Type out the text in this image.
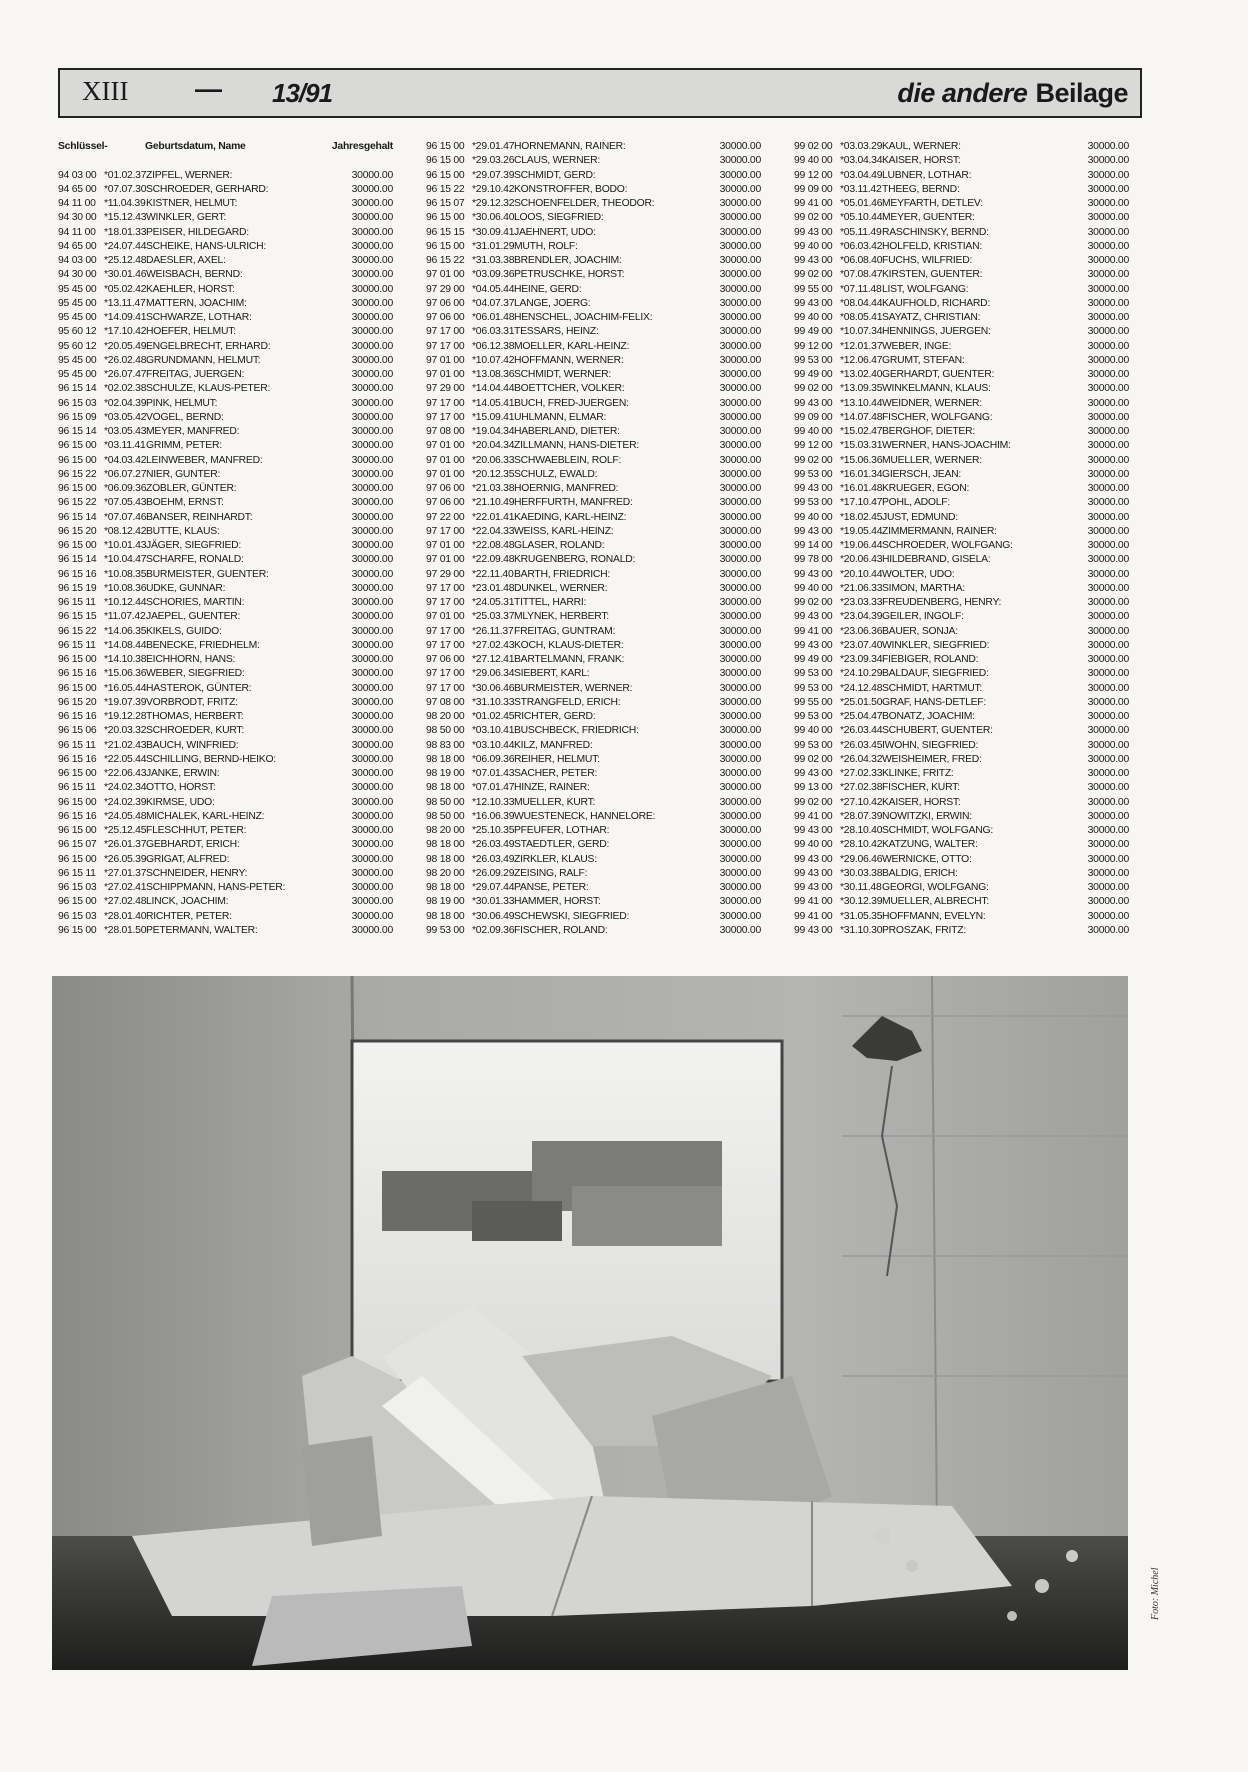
XIII — 13/91	die andere Beilage
Schlüssel-	Geburtsdatum, Name	Jahresgehalt
94 03 00 *01.02.37 ZIPFEL, WERNER:	30000.00
94 65 00 *07.07.30 SCHROEDER, GERHARD:	30000.00
94 11 00 *11.04.39 KISTNER, HELMUT:	30000.00
94 30 00 *15.12.43 WINKLER, GERT:	30000.00
94 11 00 *18.01.33 PEISER, HILDEGARD:	30000.00
94 65 00 *24.07.44 SCHEIKE, HANS-ULRICH:	30000.00
94 03 00 *25.12.48 DAESLER, AXEL:	30000.00
94 30 00 *30.01.46 WEISBACH, BERND:	30000.00
95 45 00 *05.02.42 KAEHLER, HORST:	30000.00
95 45 00 *13.11.47 MATTERN, JOACHIM:	30000.00
95 45 00 *14.09.41 SCHWARZE, LOTHAR:	30000.00
95 60 12 *17.10.42 HOEFER, HELMUT:	30000.00
95 60 12 *20.05.49 ENGELBRECHT, ERHARD:	30000.00
95 45 00 *26.02.48 GRUNDMANN, HELMUT:	30000.00
95 45 00 *26.07.47 FREITAG, JUERGEN:	30000.00
96 15 14 *02.02.38 SCHULZE, KLAUS-PETER:	30000.00
96 15 03 *02.04.39 PINK, HELMUT:	30000.00
96 15 09 *03.05.42 VOGEL, BERND:	30000.00
96 15 14 *03.05.43 MEYER, MANFRED:	30000.00
96 15 00 *03.11.41 GRIMM, PETER:	30000.00
96 15 00 *04.03.42 LEINWEBER, MANFRED:	30000.00
96 15 22 *06.07.27 NIER, GUNTER:	30000.00
96 15 00 *06.09.36 ZOBLER, GÜNTER:	30000.00
96 15 22 *07.05.43 BOEHM, ERNST:	30000.00
96 15 14 *07.07.46 BANSER, REINHARDT:	30000.00
96 15 20 *08.12.42 BUTTE, KLAUS:	30000.00
96 15 00 *10.01.43 JÄGER, SIEGFRIED:	30000.00
96 15 14 *10.04.47 SCHARFE, RONALD:	30000.00
96 15 16 *10.08.35 BURMEISTER, GUENTER:	30000.00
96 15 19 *10.08.36 UDKE, GUNNAR:	30000.00
96 15 11 *10.12.44 SCHORIES, MARTIN:	30000.00
96 15 15 *11.07.42 JAEPEL, GUENTER:	30000.00
96 15 22 *14.06.35 KIKELS, GUIDO:	30000.00
96 15 11 *14.08.44 BENECKE, FRIEDHELM:	30000.00
96 15 00 *14.10.38 EICHHORN, HANS:	30000.00
96 15 16 *15.06.36 WEBER, SIEGFRIED:	30000.00
96 15 00 *16.05.44 HASTEROK, GÜNTER:	30000.00
96 15 20 *19.07.39 VORBRODT, FRITZ:	30000.00
96 15 16 *19.12.28 THOMAS, HERBERT:	30000.00
96 15 06 *20.03.32 SCHROEDER, KURT:	30000.00
96 15 11 *21.02.43 BAUCH, WINFRIED:	30000.00
96 15 16 *22.05.44 SCHILLING, BERND-HEIKO:	30000.00
96 15 00 *22.06.43 JANKE, ERWIN:	30000.00
96 15 11 *24.02.34 OTTO, HORST:	30000.00
96 15 00 *24.02.39 KIRMSE, UDO:	30000.00
96 15 16 *24.05.48 MICHALEK, KARL-HEINZ:	30000.00
96 15 00 *25.12.45 FLESCHHUT, PETER:	30000.00
96 15 07 *26.01.37 GEBHARDT, ERICH:	30000.00
96 15 00 *26.05.39 GRIGAT, ALFRED:	30000.00
96 15 11 *27.01.37 SCHNEIDER, HENRY:	30000.00
96 15 03 *27.02.41 SCHIPPMANN, HANS-PETER:	30000.00
96 15 00 *27.02.48 LINCK, JOACHIM:	30000.00
96 15 03 *28.01.40 RICHTER, PETER:	30000.00
96 15 00 *28.01.50 PETERMANN, WALTER:	30000.00
96 15 00 *29.01.47 HORNEMANN, RAINER:	30000.00
96 15 00 *29.03.26 CLAUS, WERNER:	30000.00
96 15 00 *29.07.39 SCHMIDT, GERD:	30000.00
96 15 22 *29.10.42 KONSTROFFER, BODO:	30000.00
96 15 07 *29.12.32 SCHOENFELDER, THEODOR:	30000.00
96 15 00 *30.06.40 LOOS, SIEGFRIED:	30000.00
96 15 15 *30.09.41 JAEHNERT, UDO:	30000.00
96 15 00 *31.01.29 MUTH, ROLF:	30000.00
96 15 22 *31.03.38 BRENDLER, JOACHIM:	30000.00
97 01 00 *03.09.36 PETRUSCHKE, HORST:	30000.00
97 29 00 *04.05.44 HEINE, GERD:	30000.00
97 06 00 *04.07.37 LANGE, JOERG:	30000.00
97 06 00 *06.01.48 HENSCHEL, JOACHIM-FELIX:	30000.00
97 17 00 *06.03.31 TESSARS, HEINZ:	30000.00
97 17 00 *06.12.38 MOELLER, KARL-HEINZ:	30000.00
97 01 00 *10.07.42 HOFFMANN, WERNER:	30000.00
97 01 00 *13.08.36 SCHMIDT, WERNER:	30000.00
97 29 00 *14.04.44 BOETTCHER, VOLKER:	30000.00
97 17 00 *14.05.41 BUCH, FRED-JUERGEN:	30000.00
97 17 00 *15.09.41 UHLMANN, ELMAR:	30000.00
97 08 00 *19.04.34 HABERLAND, DIETER:	30000.00
97 01 00 *20.04.34 ZILLMANN, HANS-DIETER:	30000.00
97 01 00 *20.06.33 SCHWAEBLEIN, ROLF:	30000.00
97 01 00 *20.12.35 SCHULZ, EWALD:	30000.00
97 06 00 *21.03.38 HOERNIG, MANFRED:	30000.00
97 06 00 *21.10.49 HERFFURTH, MANFRED:	30000.00
97 22 00 *22.01.41 KAEDING, KARL-HEINZ:	30000.00
97 17 00 *22.04.33 WEISS, KARL-HEINZ:	30000.00
97 01 00 *22.08.48 GLASER, ROLAND:	30000.00
97 01 00 *22.09.48 KRUGENBERG, RONALD:	30000.00
97 29 00 *22.11.40 BARTH, FRIEDRICH:	30000.00
97 17 00 *23.01.48 DUNKEL, WERNER:	30000.00
97 17 00 *24.05.31 TITTEL, HARRI:	30000.00
97 01 00 *25.03.37 MLYNEK, HERBERT:	30000.00
97 17 00 *26.11.37 FREITAG, GUNTRAM:	30000.00
97 17 00 *27.02.43 KOCH, KLAUS-DIETER:	30000.00
97 06 00 *27.12.41 BARTELMANN, FRANK:	30000.00
97 17 00 *29.06.34 SIEBERT, KARL:	30000.00
97 17 00 *30.06.46 BURMEISTER, WERNER:	30000.00
97 08 00 *31.10.33 STRANGFELD, ERICH:	30000.00
98 20 00 *01.02.45 RICHTER, GERD:	30000.00
98 50 00 *03.10.41 BUSCHBECK, FRIEDRICH:	30000.00
98 83 00 *03.10.44 KILZ, MANFRED:	30000.00
98 18 00 *06.09.36 REIHER, HELMUT:	30000.00
98 19 00 *07.01.43 SACHER, PETER:	30000.00
98 18 00 *07.01.47 HINZE, RAINER:	30000.00
98 50 00 *12.10.33 MUELLER, KURT:	30000.00
98 50 00 *16.06.39 WUESTENECK, HANNELORE:	30000.00
98 20 00 *25.10.35 PFEUFER, LOTHAR:	30000.00
98 18 00 *26.03.49 STAEDTLER, GERD:	30000.00
98 18 00 *26.03.49 ZIRKLER, KLAUS:	30000.00
98 20 00 *26.09.29 ZEISING, RALF:	30000.00
98 18 00 *29.07.44 PANSE, PETER:	30000.00
98 19 00 *30.01.33 HAMMER, HORST:	30000.00
98 18 00 *30.06.49 SCHEWSKI, SIEGFRIED:	30000.00
99 53 00 *02.09.36 FISCHER, ROLAND:	30000.00
99 02 00 *03.03.29 KAUL, WERNER:	30000.00
99 40 00 *03.04.34 KAISER, HORST:	30000.00
99 12 00 *03.04.49 LUBNER, LOTHAR:	30000.00
99 09 00 *03.11.42 THEEG, BERND:	30000.00
99 41 00 *05.01.46 MEYFARTH, DETLEV:	30000.00
99 02 00 *05.10.44 MEYER, GUENTER:	30000.00
99 43 00 *05.11.49 RASCHINSKY, BERND:	30000.00
99 40 00 *06.03.42 HOLFELD, KRISTIAN:	30000.00
99 43 00 *06.08.40 FUCHS, WILFRIED:	30000.00
99 02 00 *07.08.47 KIRSTEN, GUENTER:	30000.00
99 55 00 *07.11.48 LIST, WOLFGANG:	30000.00
99 43 00 *08.04.44 KAUFHOLD, RICHARD:	30000.00
99 40 00 *08.05.41 SAYATZ, CHRISTIAN:	30000.00
99 49 00 *10.07.34 HENNINGS, JUERGEN:	30000.00
99 12 00 *12.01.37 WEBER, INGE:	30000.00
99 53 00 *12.06.47 GRUMT, STEFAN:	30000.00
99 49 00 *13.02.40 GERHARDT, GUENTER:	30000.00
99 02 00 *13.09.35 WINKELMANN, KLAUS:	30000.00
99 43 00 *13.10.44 WEIDNER, WERNER:	30000.00
99 09 00 *14.07.48 FISCHER, WOLFGANG:	30000.00
99 40 00 *15.02.47 BERGHOF, DIETER:	30000.00
99 12 00 *15.03.31 WERNER, HANS-JOACHIM:	30000.00
99 02 00 *15.06.36 MUELLER, WERNER:	30000.00
99 53 00 *16.01.34 GIERSCH, JEAN:	30000.00
99 43 00 *16.01.48 KRUEGER, EGON:	30000.00
99 53 00 *17.10.47 POHL, ADOLF:	30000.00
99 40 00 *18.02.45 JUST, EDMUND:	30000.00
99 43 00 *19.05.44 ZIMMERMANN, RAINER:	30000.00
99 14 00 *19.06.44 SCHROEDER, WOLFGANG:	30000.00
99 78 00 *20.06.43 HILDEBRAND, GISELA:	30000.00
99 43 00 *20.10.44 WOLTER, UDO:	30000.00
99 40 00 *21.06.33 SIMON, MARTHA:	30000.00
99 02 00 *23.03.33 FREUDENBERG, HENRY:	30000.00
99 43 00 *23.04.39 GEILER, INGOLF:	30000.00
99 41 00 *23.06.36 BAUER, SONJA:	30000.00
99 43 00 *23.07.40 WINKLER, SIEGFRIED:	30000.00
99 49 00 *23.09.34 FIEBIGER, ROLAND:	30000.00
99 53 00 *24.10.29 BALDAUF, SIEGFRIED:	30000.00
99 53 00 *24.12.48 SCHMIDT, HARTMUT:	30000.00
99 55 00 *25.01.50 GRAF, HANS-DETLEF:	30000.00
99 53 00 *25.04.47 BONATZ, JOACHIM:	30000.00
99 40 00 *26.03.44 SCHUBERT, GUENTER:	30000.00
99 53 00 *26.03.45 IWOHN, SIEGFRIED:	30000.00
99 02 00 *26.04.32 WEISHEIMER, FRED:	30000.00
99 43 00 *27.02.33 KLINKE, FRITZ:	30000.00
99 13 00 *27.02.38 FISCHER, KURT:	30000.00
99 02 00 *27.10.42 KAISER, HORST:	30000.00
99 41 00 *28.07.39 NOWITZKI, ERWIN:	30000.00
99 43 00 *28.10.40 SCHMIDT, WOLFGANG:	30000.00
99 40 00 *28.10.42 KATZUNG, WALTER:	30000.00
99 43 00 *29.06.46 WERNICKE, OTTO:	30000.00
99 43 00 *30.03.38 BALDIG, ERICH:	30000.00
99 43 00 *30.11.48 GEORGI, WOLFGANG:	30000.00
99 41 00 *30.12.39 MUELLER, ALBRECHT:	30000.00
99 41 00 *31.05.35 HOFFMANN, EVELYN:	30000.00
99 43 00 *31.10.30 PROSZAK, FRITZ:	30000.00
Foto: Michel
